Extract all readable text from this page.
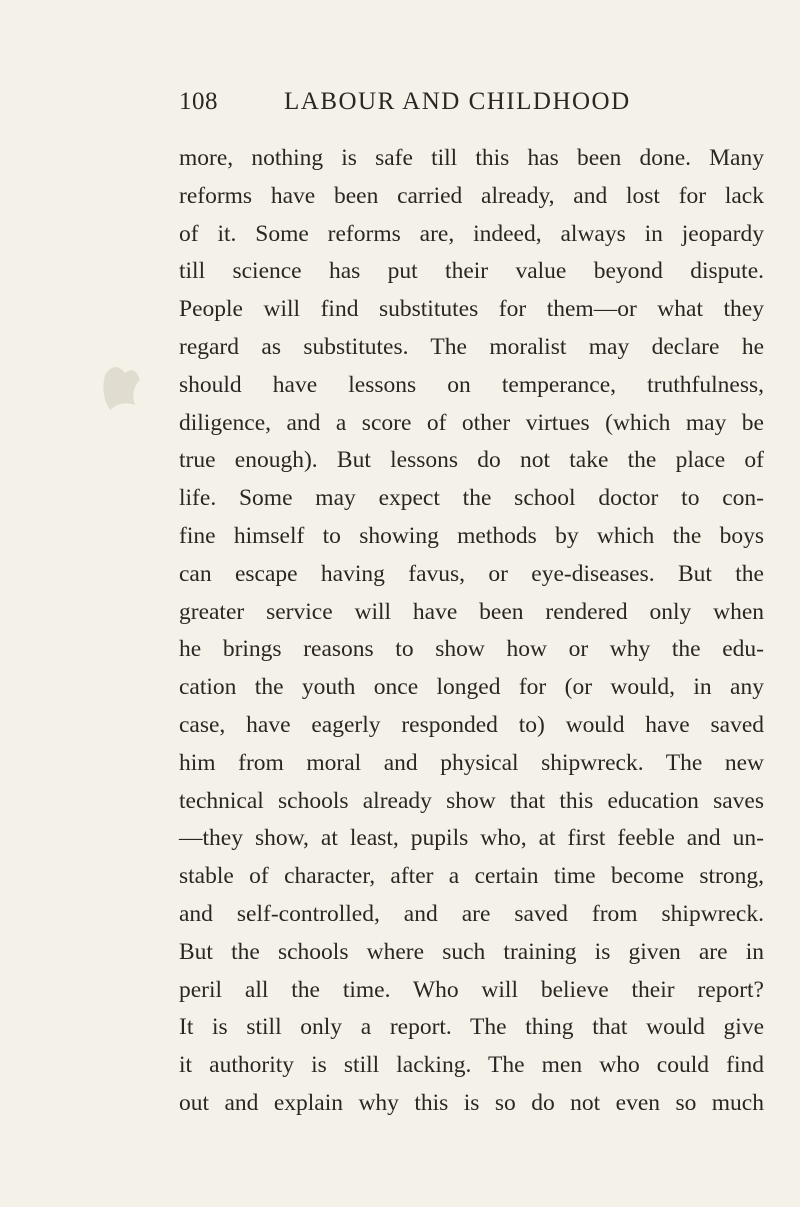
108	LABOUR AND CHILDHOOD
more, nothing is safe till this has been done. Many
reforms have been carried already, and lost for lack
of it. Some reforms are, indeed, always in jeopardy
till science has put their value beyond dispute.
People will find substitutes for them—or what they
regard as substitutes. The moralist may declare he
should have lessons on temperance, truthfulness,
diligence, and a score of other virtues (which may be
true enough). But lessons do not take the place of
life. Some may expect the school doctor to con-
fine himself to showing methods by which the boys
can escape having favus, or eye-diseases. But the
greater service will have been rendered only when
he brings reasons to show how or why the edu-
cation the youth once longed for (or would, in any
case, have eagerly responded to) would have saved
him from moral and physical shipwreck. The new
technical schools already show that this education saves
—they show, at least, pupils who, at first feeble and un-
stable of character, after a certain time become strong,
and self-controlled, and are saved from shipwreck.
But the schools where such training is given are in
peril all the time. Who will believe their report?
It is still only a report. The thing that would give
it authority is still lacking. The men who could find
out and explain why this is so do not even so much
